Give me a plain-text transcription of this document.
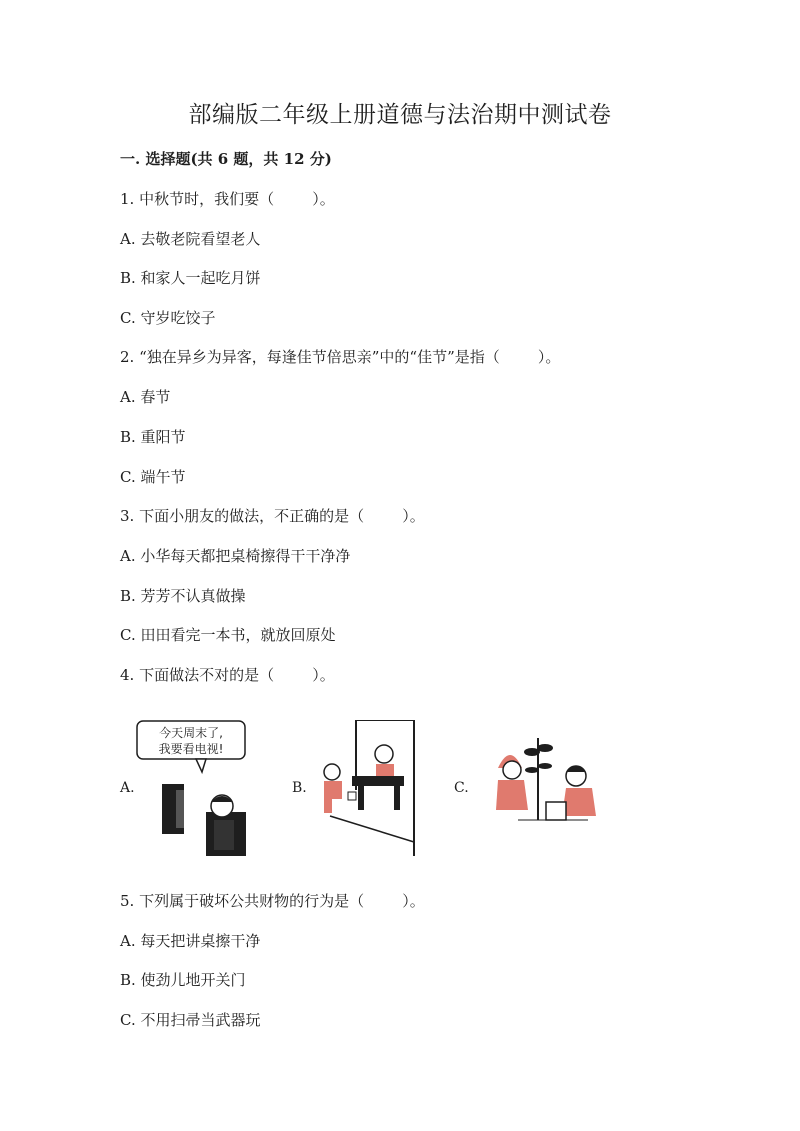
部编版二年级上册道德与法治期中测试卷
一. 选择题(共 6 题，共 12 分)
1. 中秋节时，我们要（        ）。
A. 去敬老院看望老人
B. 和家人一起吃月饼
C. 守岁吃饺子
2. “独在异乡为异客，每逢佳节倍思亲”中的“佳节”是指（        ）。
A. 春节
B. 重阳节
C. 端午节
3. 下面小朋友的做法，不正确的是（        ）。
A. 小华每天都把桌椅擦得干干净净
B. 芳芳不认真做操
C. 田田看完一本书，就放回原处
4. 下面做法不对的是（        ）。
A.
今天周末了,
我要看电视!
B.	C.
5. 下列属于破坏公共财物的行为是（        ）。
A. 每天把讲桌擦干净
B. 使劲儿地开关门
C. 不用扫帚当武器玩
